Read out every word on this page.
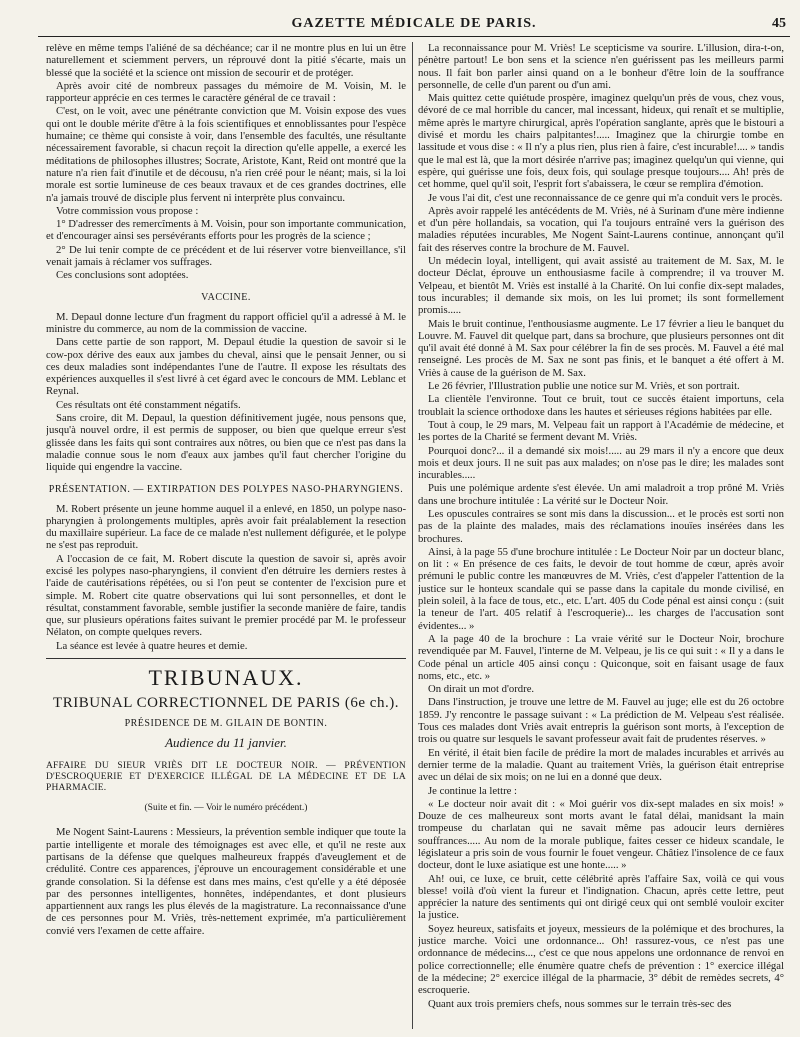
GAZETTE MÉDICALE DE PARIS.	45

relève en même temps l'aliéné de sa déchéance; car il ne montre plus en lui un être naturellement et sciemment pervers, un réprouvé dont la pitié s'écarte, mais un blessé que la société et la science ont mission de secourir et de protéger.

Après avoir cité de nombreux passages du mémoire de M. Voisin, M. le rapporteur apprécie en ces termes le caractère général de ce travail :

C'est, on le voit, avec une pénétrante conviction que M. Voisin expose des vues qui ont le double mérite d'être à la fois scientifiques et ennoblissantes pour l'espèce humaine; ce thème qui consiste à voir, dans l'ensemble des facultés, une résultante nécessairement favorable, si chacun reçoit la direction qu'elle appelle, a exercé les méditations de philosophes illustres; Socrate, Aristote, Kant, Reid ont montré que la nature n'a rien fait d'inutile et de décousu, n'a rien créé pour le néant; mais, si la loi morale est sortie lumineuse de ces beaux travaux et de ces grandes doctrines, elle n'a jamais trouvé de disciple plus fervent ni interprète plus convaincu.

Votre commission vous propose :

1° D'adresser des remercîments à M. Voisin, pour son importante communication, et d'encourager ainsi ses persévérants efforts pour les progrès de la science ;

2° De lui tenir compte de ce précédent et de lui réserver votre bienveillance, s'il venait jamais à réclamer vos suffrages.

Ces conclusions sont adoptées.

VACCINE.

M. Depaul donne lecture d'un fragment du rapport officiel qu'il a adressé à M. le ministre du commerce, au nom de la commission de vaccine.

Dans cette partie de son rapport, M. Depaul étudie la question de savoir si le cow-pox dérive des eaux aux jambes du cheval, ainsi que le pensait Jenner, ou si ces deux maladies sont indépendantes l'une de l'autre. Il expose les résultats des expériences auxquelles il s'est livré à cet égard avec le concours de MM. Leblanc et Reynal.

Ces résultats ont été constamment négatifs.

Sans croire, dit M. Depaul, la question définitivement jugée, nous pensons que, jusqu'à nouvel ordre, il est permis de supposer, ou bien que quelque erreur s'est glissée dans les faits qui sont contraires aux nôtres, ou bien que ce n'est pas dans la maladie connue sous le nom d'eaux aux jambes qu'il faut chercher l'origine du liquide qui engendre la vaccine.

PRÉSENTATION. — EXTIRPATION DES POLYPES NASO-PHARYNGIENS.

M. Robert présente un jeune homme auquel il a enlevé, en 1850, un polype naso-pharyngien à prolongements multiples, après avoir fait préalablement la resection du maxillaire supérieur. La face de ce malade n'est nullement défigurée, et le polype ne s'est pas reproduit.

A l'occasion de ce fait, M. Robert discute la question de savoir si, après avoir excisé les polypes naso-pharyngiens, il convient d'en détruire les derniers restes à l'aide de cautérisations répétées, ou si l'on peut se contenter de l'excision pure et simple. M. Robert cite quatre observations qui lui sont personnelles, et dont le résultat, constamment favorable, semble justifier la seconde manière de faire, tandis que, sur plusieurs opérations faites suivant le premier procédé par M. le professeur Nélaton, on compte quelques revers.

La séance est levée à quatre heures et demie.

TRIBUNAUX.
TRIBUNAL CORRECTIONNEL DE PARIS (6e ch.).
PRÉSIDENCE DE M. GILAIN DE BONTIN.
Audience du 11 janvier.

AFFAIRE DU SIEUR VRIÈS DIT LE DOCTEUR NOIR. — PRÉVENTION D'ESCROQUERIE ET D'EXERCICE ILLÉGAL DE LA MÉDECINE ET DE LA PHARMACIE.

(Suite et fin. — Voir le numéro précédent.)

Me Nogent Saint-Laurens : Messieurs, la prévention semble indiquer que toute la partie intelligente et morale des témoignages est avec elle, et qu'il ne reste aux partisans de la défense que quelques malheureux frappés d'aveuglement et de crédulité. Contre ces apparences, j'éprouve un encouragement considérable et une grande consolation. Si la défense est dans mes mains, c'est qu'elle y a été déposée par des personnes intelligentes, honnêtes, indépendantes, et dont plusieurs appartiennent aux rangs les plus élevés de la magistrature. La reconnaissance d'une de ces personnes pour M. Vriès, très-nettement exprimée, m'a particulièrement convié vers l'examen de cette affaire.

La reconnaissance pour M. Vriès! Le scepticisme va sourire. L'illusion, dira-t-on, pénètre partout! Le bon sens et la science n'en guérissent pas les meilleurs parmi nous. Il fait bon parler ainsi quand on a le bonheur d'être loin de la souffrance personnelle, de celle d'un parent ou d'un ami.

Mais quittez cette quiétude prospère, imaginez quelqu'un près de vous, chez vous, dévoré de ce mal horrible du cancer, mal incessant, hideux, qui renaît et se multiplie, même après le martyre chirurgical, après l'opération sanglante, après que le bistouri a divisé et mordu les chairs palpitantes!..... Imaginez que la chirurgie tombe en lassitude et vous dise : « Il n'y a plus rien, plus rien à faire, c'est incurable!.... » tandis que le mal est là, que la mort désirée n'arrive pas; imaginez quelqu'un qui vienne, qui espère, qui guérisse une fois, deux fois, qui soulage presque toujours.... Ah! près de cet homme, quel qu'il soit, l'esprit fort s'abaissera, le cœur se remplira d'émotion.

Je vous l'ai dit, c'est une reconnaissance de ce genre qui m'a conduit vers le procès.

Après avoir rappelé les antécédents de M. Vriès, né à Surinam d'une mère indienne et d'un père hollandais, sa vocation, qui l'a toujours entraîné vers la guérison des maladies réputées incurables, Me Nogent Saint-Laurens continue, annonçant qu'il fait des réserves contre la brochure de M. Fauvel.

Un médecin loyal, intelligent, qui avait assisté au traitement de M. Sax, M. le docteur Déclat, éprouve un enthousiasme facile à comprendre; il va trouver M. Velpeau, et bientôt M. Vriès est installé à la Charité. On lui confie dix-sept malades, tous incurables; il demande six mois, on les lui promet; ils sont formellement promis.....

Mais le bruit continue, l'enthousiasme augmente. Le 17 février a lieu le banquet du Louvre. M. Fauvel dit quelque part, dans sa brochure, que plusieurs personnes ont dit qu'il avait été donné à M. Sax pour célébrer la fin de ses procès. M. Fauvel a été mal renseigné. Les procès de M. Sax ne sont pas finis, et le banquet a été offert à M. Vriès à cause de la guérison de M. Sax.

Le 26 février, l'Illustration publie une notice sur M. Vriès, et son portrait.

La clientèle l'environne. Tout ce bruit, tout ce succès étaient importuns, cela troublait la science orthodoxe dans les hautes et sérieuses régions habitées par elle.

Tout à coup, le 29 mars, M. Velpeau fait un rapport à l'Académie de médecine, et les portes de la Charité se ferment devant M. Vriès.

Pourquoi donc?... il a demandé six mois!..... au 29 mars il n'y a encore que deux mois et deux jours. Il ne suit pas aux malades; on n'ose pas le dire; les malades sont incurables.....

Puis une polémique ardente s'est élevée. Un ami maladroit a trop prôné M. Vriès dans une brochure intitulée : La vérité sur le Docteur Noir.

Les opuscules contraires se sont mis dans la discussion... et le procès est sorti non pas de la plainte des malades, mais des réclamations inouïes insérées dans les brochures.

Ainsi, à la page 55 d'une brochure intitulée : Le Docteur Noir par un docteur blanc, on lit : « En présence de ces faits, le devoir de tout homme de cœur, après avoir prémuni le public contre les manœuvres de M. Vriès, c'est d'appeler l'attention de la justice sur le honteux scandale qui se passe dans la capitale du monde civilisé, en plein soleil, à la face de tous, etc., etc. L'art. 405 du Code pénal est ainsi conçu : (suit la teneur de l'art. 405 relatif à l'escroquerie)... les charges de l'accusation sont évidentes... »

A la page 40 de la brochure : La vraie vérité sur le Docteur Noir, brochure revendiquée par M. Fauvel, l'interne de M. Velpeau, je lis ce qui suit : « Il y a dans le Code pénal un article 405 ainsi conçu : Quiconque, soit en faisant usage de faux noms, etc., etc. »

On dirait un mot d'ordre.

Dans l'instruction, je trouve une lettre de M. Fauvel au juge; elle est du 26 octobre 1859. J'y rencontre le passage suivant : « La prédiction de M. Velpeau s'est réalisée. Tous ces malades dont Vriès avait entrepris la guérison sont morts, à l'exception de trois ou quatre sur lesquels le savant professeur avait fait de prudentes réserves. »

En vérité, il était bien facile de prédire la mort de malades incurables et arrivés au dernier terme de la maladie. Quant au traitement Vriès, la guérison était entreprise avec un délai de six mois; on ne lui en a donné que deux.

Je continue la lettre :

« Le docteur noir avait dit : « Moi guérir vos dix-sept malades en six mois! » Douze de ces malheureux sont morts avant le fatal délai, manidsant la main trompeuse du charlatan qui ne savait même pas adoucir leurs dernières souffrances..... Au nom de la morale publique, faites cesser ce hideux scandale, le législateur a pris soin de vous fournir le fouet vengeur. Châtiez l'insolence de ce faux docteur, dont le luxe asiatique est une honte..... »

Ah! oui, ce luxe, ce bruit, cette célébrité après l'affaire Sax, voilà ce qui vous blesse! voilà d'où vient la fureur et l'indignation. Chacun, après cette lettre, peut apprécier la nature des sentiments qui ont dirigé ceux qui ont semblé vouloir exciter la justice.

Soyez heureux, satisfaits et joyeux, messieurs de la polémique et des brochures, la justice marche. Voici une ordonnance... Oh! rassurez-vous, ce n'est pas une ordonnance de médecins..., c'est ce que nous appelons une ordonnance de renvoi en police correctionnelle; elle énumère quatre chefs de prévention : 1° exercice illégal de la médecine; 2° exercice illégal de la pharmacie, 3° débit de remèdes secrets, 4° escroquerie.

Quant aux trois premiers chefs, nous sommes sur le terrain très-sec des
